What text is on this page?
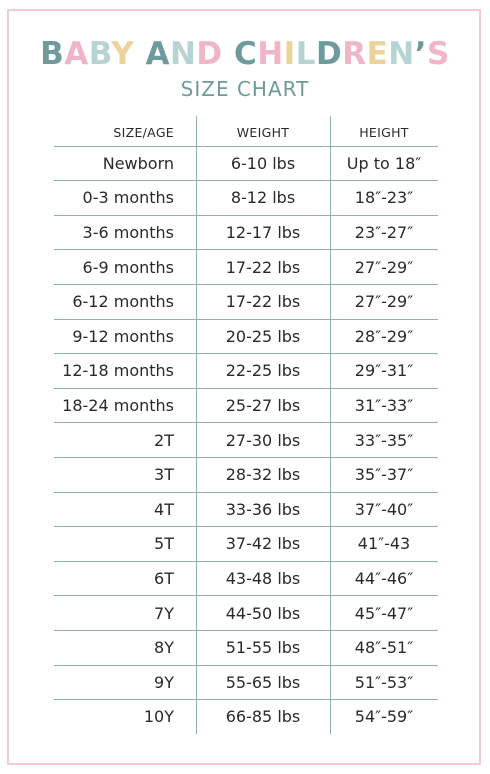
BABY AND CHILDREN’S
SIZE CHART
SIZE/AGE	WEIGHT	HEIGHT
Newborn	6-10 lbs	Up to 18″
0-3 months	8-12 lbs	18″-23″
3-6 months	12-17 lbs	23″-27″
6-9 months	17-22 lbs	27″-29″
6-12 months	17-22 lbs	27″-29″
9-12 months	20-25 lbs	28″-29″
12-18 months	22-25 lbs	29″-31″
18-24 months	25-27 lbs	31″-33″
2T	27-30 lbs	33″-35″
3T	28-32 lbs	35″-37″
4T	33-36 lbs	37″-40″
5T	37-42 lbs	41″-43
6T	43-48 lbs	44″-46″
7Y	44-50 lbs	45″-47″
8Y	51-55 lbs	48″-51″
9Y	55-65 lbs	51″-53″
10Y	66-85 lbs	54″-59″
